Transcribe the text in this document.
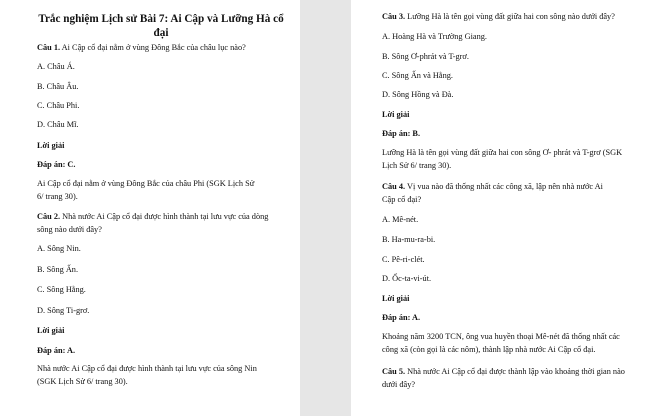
Trắc nghiệm Lịch sử Bài 7: Ai Cập và Lưỡng Hà cổ đại
Câu 1. Ai Cập cổ đại nằm ở vùng Đông Bắc của châu lục nào?
A. Châu Á.
B. Châu Âu.
C. Châu Phi.
D. Châu Mĩ.
Lời giải
Đáp án: C.
Ai Cập cổ đại nằm ở vùng Đông Bắc của châu Phi (SGK Lịch Sử 6/ trang 30).
Câu 2. Nhà nước Ai Cập cổ đại được hình thành tại lưu vực của dòng sông nào dưới đây?
A. Sông Nin.
B. Sông Ấn.
C. Sông Hằng.
D. Sông Ti-grơ.
Lời giải
Đáp án: A.
Nhà nước Ai Cập cổ đại được hình thành tại lưu vực của sông Nin (SGK Lịch Sử 6/ trang 30).
Câu 3. Lưỡng Hà là tên gọi vùng đất giữa hai con sông nào dưới đây?
A. Hoàng Hà và Trường Giang.
B. Sông Ơ-phrát và T-grơ.
C. Sông Ấn và Hằng.
D. Sông Hồng và Đà.
Lời giải
Đáp án: B.
Lưỡng Hà là tên gọi vùng đất giữa hai con sông Ơ- phrát và T-grơ (SGK Lịch Sử 6/ trang 30).
Câu 4. Vị vua nào đã thống nhất các công xã, lập nên nhà nước Ai Cập cổ đại?
A. Mê-nét.
B. Ha-mu-ra-bi.
C. Pê-ri-clét.
D. Ốc-ta-vi-út.
Lời giải
Đáp án: A.
Khoảng năm 3200 TCN, ông vua huyền thoại Mê-nét đã thống nhất các công xã (còn gọi là các nôm), thành lập nhà nước Ai Cập cổ đại.
Câu 5. Nhà nước Ai Cập cổ đại được thành lập vào khoảng thời gian nào dưới đây?
